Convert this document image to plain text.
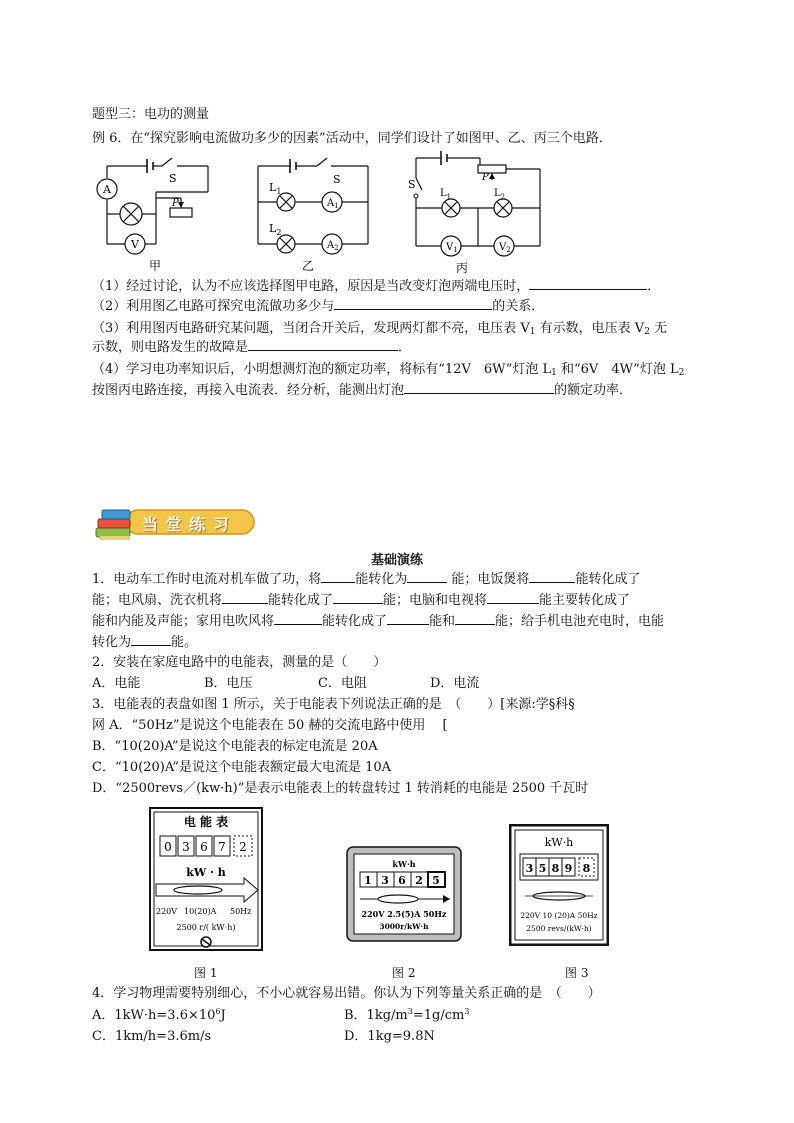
题型三：电功的测量
例 6．在“探究影响电流做功多少的因素”活动中，同学们设计了如图甲、乙、丙三个电路．
A
V
S
P
甲
S
$L_1$
$L_2$
$A_1$
$A_2$
乙
S
P
$L_1$	$L_2$
$V_1$	$V_2$
丙
（1）经过讨论，认为不应该选择图甲电路，原因是当改变灯泡两端电压时，	．
（2）利用图乙电路可探究电流做功多少与	的关系．
（3）利用图丙电路研究某问题，当闭合开关后，发现两灯都不亮，电压表 $V_1$ 有示数，电压表 $V_2$ 无
示数，则电路发生的故障是	．
（4）学习电功率知识后，小明想测灯泡的额定功率，将标有“12V　6W”灯泡 $L_1$ 和“6V　4W”灯泡 $L_2$
按图丙电路连接，再接入电流表．经分析，能测出灯泡	的额定功率．
当 堂 练 习
基础演练
1．电动车工作时电流对机车做了功，将	能转化为	能；电饭煲将	能转化成了
能；电风扇、洗衣机将	能转化成了	能；电脑和电视将	能主要转化成了
能和内能及声能；家用电吹风将	能转化成了	能和	能；给手机电池充电时，电能
转化为	能。
2．安装在家庭电路中的电能表，测量的是（　　）
A．电能	B．电压	C．电阻	D．电流
3．电能表的表盘如图 1 所示，关于电能表下列说法正确的是　（　　）[来源:学§科§
网 A．“50Hz”是说这个电能表在 50 赫的交流电路中使用　 [
B．“10(20)A”是说这个电能表的标定电流是 20A
C．“10(20)A”是说这个电能表额定最大电流是 10A
D．“2500revs／(kw·h)”是表示电能表上的转盘转过 1 转消耗的电能是 2500 千瓦时
电 能 表
0 3 6 7 2
kW · h
220V 10(20)A 50Hz
2500 r/( kW·h)
图 1
kW·h
1 3 6 2 5
220V 2.5(5)A 50Hz
3000r/kW·h
图 2
kW·h
3 5 8 9 8
220V 10 (20)A 50Hz
2500 revs/(kW·h)
图 3
4．学习物理需要特别细心，不小心就容易出错。你认为下列等量关系正确的是　（　　）
A．$1kW\cdot h=3.6\times 10^6J$	B．$1kg/m^3=1g/cm^3$
C．1km/h=3.6m/s	D．1kg=9.8N
